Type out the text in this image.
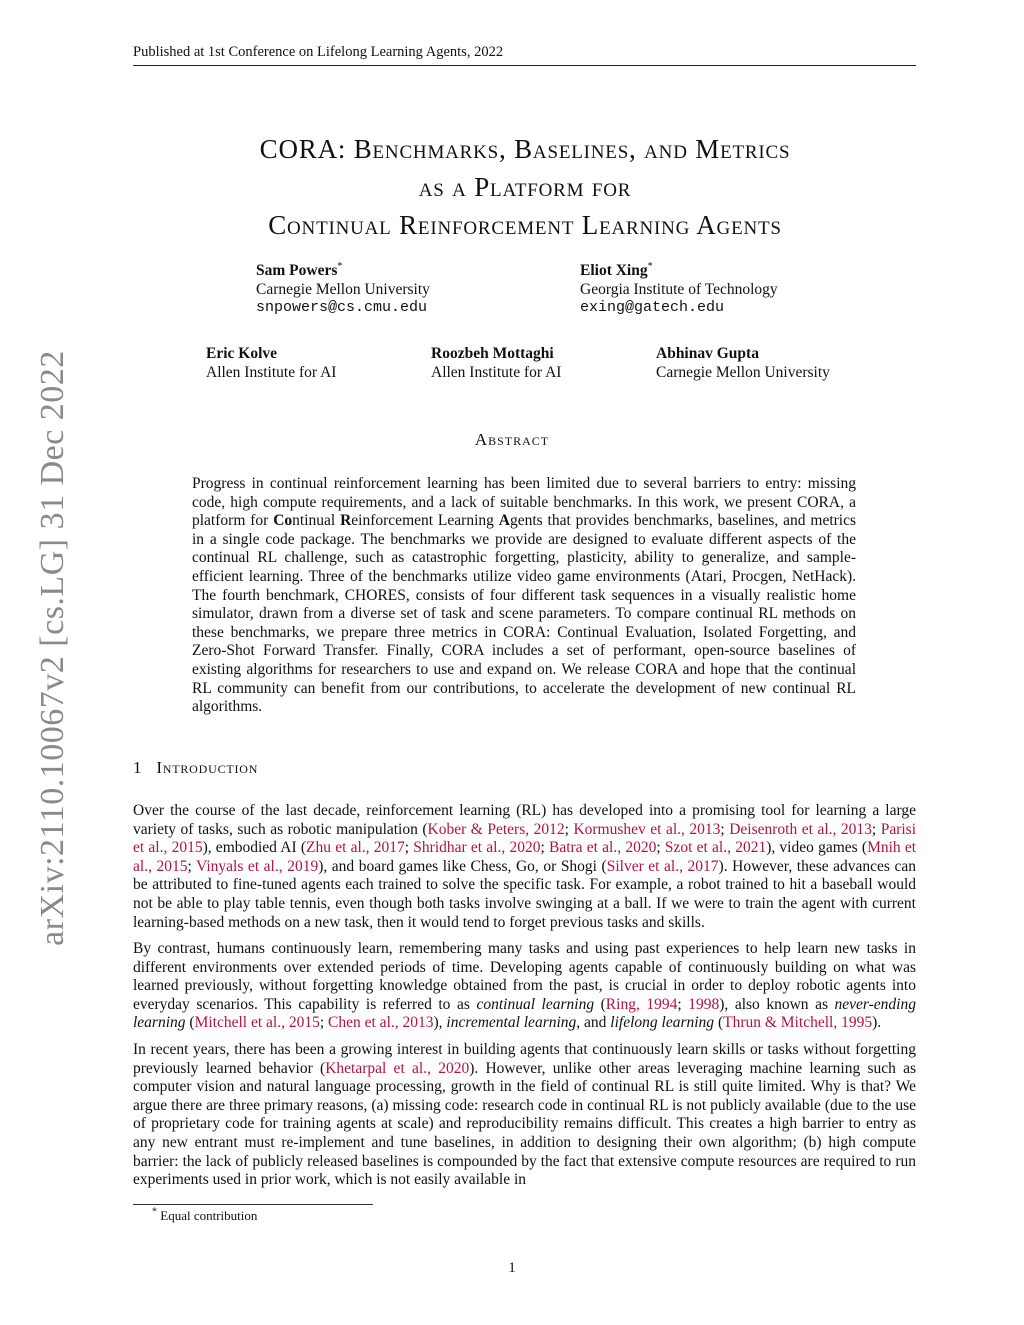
Published at 1st Conference on Lifelong Learning Agents, 2022
arXiv:2110.10067v2 [cs.LG] 31 Dec 2022
CORA: Benchmarks, Baselines, and Metrics
as a Platform for
Continual Reinforcement Learning Agents
Sam Powers*
Carnegie Mellon University
snpowers@cs.cmu.edu
Eliot Xing*
Georgia Institute of Technology
exing@gatech.edu
Eric Kolve
Allen Institute for AI
Roozbeh Mottaghi
Allen Institute for AI
Abhinav Gupta
Carnegie Mellon University
Abstract
Progress in continual reinforcement learning has been limited due to several barriers to entry: missing code, high compute requirements, and a lack of suitable benchmarks. In this work, we present CORA, a platform for Continual Reinforcement Learning Agents that provides benchmarks, baselines, and metrics in a single code package. The benchmarks we provide are designed to evaluate different aspects of the continual RL challenge, such as catastrophic forgetting, plasticity, ability to generalize, and sample-efficient learning. Three of the benchmarks utilize video game environments (Atari, Procgen, NetHack). The fourth benchmark, CHORES, consists of four different task sequences in a visually realistic home simulator, drawn from a diverse set of task and scene parameters. To compare continual RL methods on these benchmarks, we prepare three metrics in CORA: Continual Evaluation, Isolated Forgetting, and Zero-Shot Forward Transfer. Finally, CORA includes a set of performant, open-source baselines of existing algorithms for researchers to use and expand on. We release CORA and hope that the continual RL community can benefit from our contributions, to accelerate the development of new continual RL algorithms.
1 Introduction
Over the course of the last decade, reinforcement learning (RL) has developed into a promising tool for learning a large variety of tasks, such as robotic manipulation (Kober & Peters, 2012; Kormushev et al., 2013; Deisenroth et al., 2013; Parisi et al., 2015), embodied AI (Zhu et al., 2017; Shridhar et al., 2020; Batra et al., 2020; Szot et al., 2021), video games (Mnih et al., 2015; Vinyals et al., 2019), and board games like Chess, Go, or Shogi (Silver et al., 2017). However, these advances can be attributed to fine-tuned agents each trained to solve the specific task. For example, a robot trained to hit a baseball would not be able to play table tennis, even though both tasks involve swinging at a ball. If we were to train the agent with current learning-based methods on a new task, then it would tend to forget previous tasks and skills.
By contrast, humans continuously learn, remembering many tasks and using past experiences to help learn new tasks in different environments over extended periods of time. Developing agents capable of continuously building on what was learned previously, without forgetting knowledge obtained from the past, is crucial in order to deploy robotic agents into everyday scenarios. This capability is referred to as continual learning (Ring, 1994; 1998), also known as never-ending learning (Mitchell et al., 2015; Chen et al., 2013), incremental learning, and lifelong learning (Thrun & Mitchell, 1995).
In recent years, there has been a growing interest in building agents that continuously learn skills or tasks without forgetting previously learned behavior (Khetarpal et al., 2020). However, unlike other areas leveraging machine learning such as computer vision and natural language processing, growth in the field of continual RL is still quite limited. Why is that? We argue there are three primary reasons, (a) missing code: research code in continual RL is not publicly available (due to the use of proprietary code for training agents at scale) and reproducibility remains difficult. This creates a high barrier to entry as any new entrant must re-implement and tune baselines, in addition to designing their own algorithm; (b) high compute barrier: the lack of publicly released baselines is compounded by the fact that extensive compute resources are required to run experiments used in prior work, which is not easily available in
* Equal contribution
1
